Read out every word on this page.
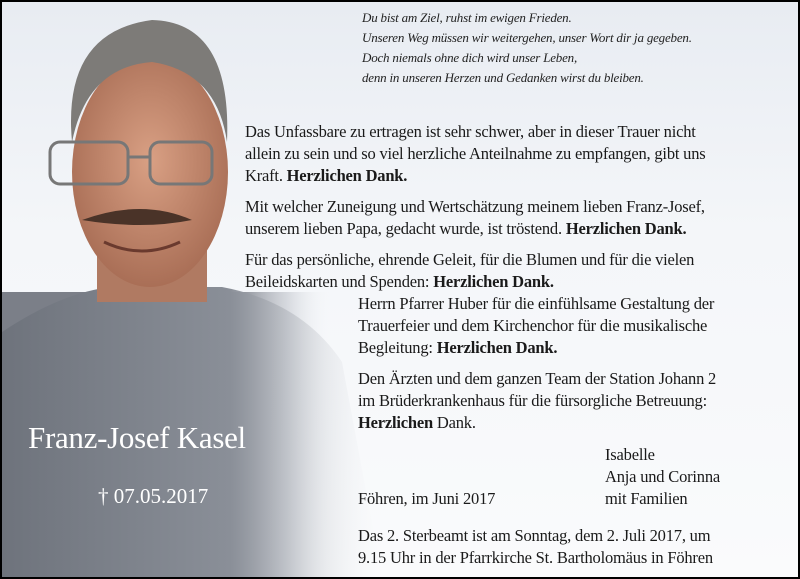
Du bist am Ziel, ruhst im ewigen Frieden.
Unseren Weg müssen wir weitergehen, unser Wort dir ja gegeben.
Doch niemals ohne dich wird unser Leben,
denn in unseren Herzen und Gedanken wirst du bleiben.
Das Unfassbare zu ertragen ist sehr schwer, aber in dieser Trauer nicht
allein zu sein und so viel herzliche Anteilnahme zu empfangen, gibt uns
Kraft. Herzlichen Dank.
Mit welcher Zuneigung und Wertschätzung meinem lieben Franz-Josef,
unserem lieben Papa, gedacht wurde, ist tröstend. Herzlichen Dank.
Für das persönliche, ehrende Geleit, für die Blumen und für die vielen
Beileidskarten und Spenden: Herzlichen Dank.
Herrn Pfarrer Huber für die einfühlsame Gestaltung der
Trauerfeier und dem Kirchenchor für die musikalische
Begleitung: Herzlichen Dank.
Den Ärzten und dem ganzen Team der Station Johann 2
im Brüderkrankenhaus für die fürsorgliche Betreuung:
Herzlichen Dank.
Isabelle
Anja und Corinna
mit Familien
Föhren, im Juni 2017
Das 2. Sterbeamt ist am Sonntag, dem 2. Juli 2017, um
9.15 Uhr in der Pfarrkirche St. Bartholomäus in Föhren
Franz-Josef Kasel
† 07.05.2017
